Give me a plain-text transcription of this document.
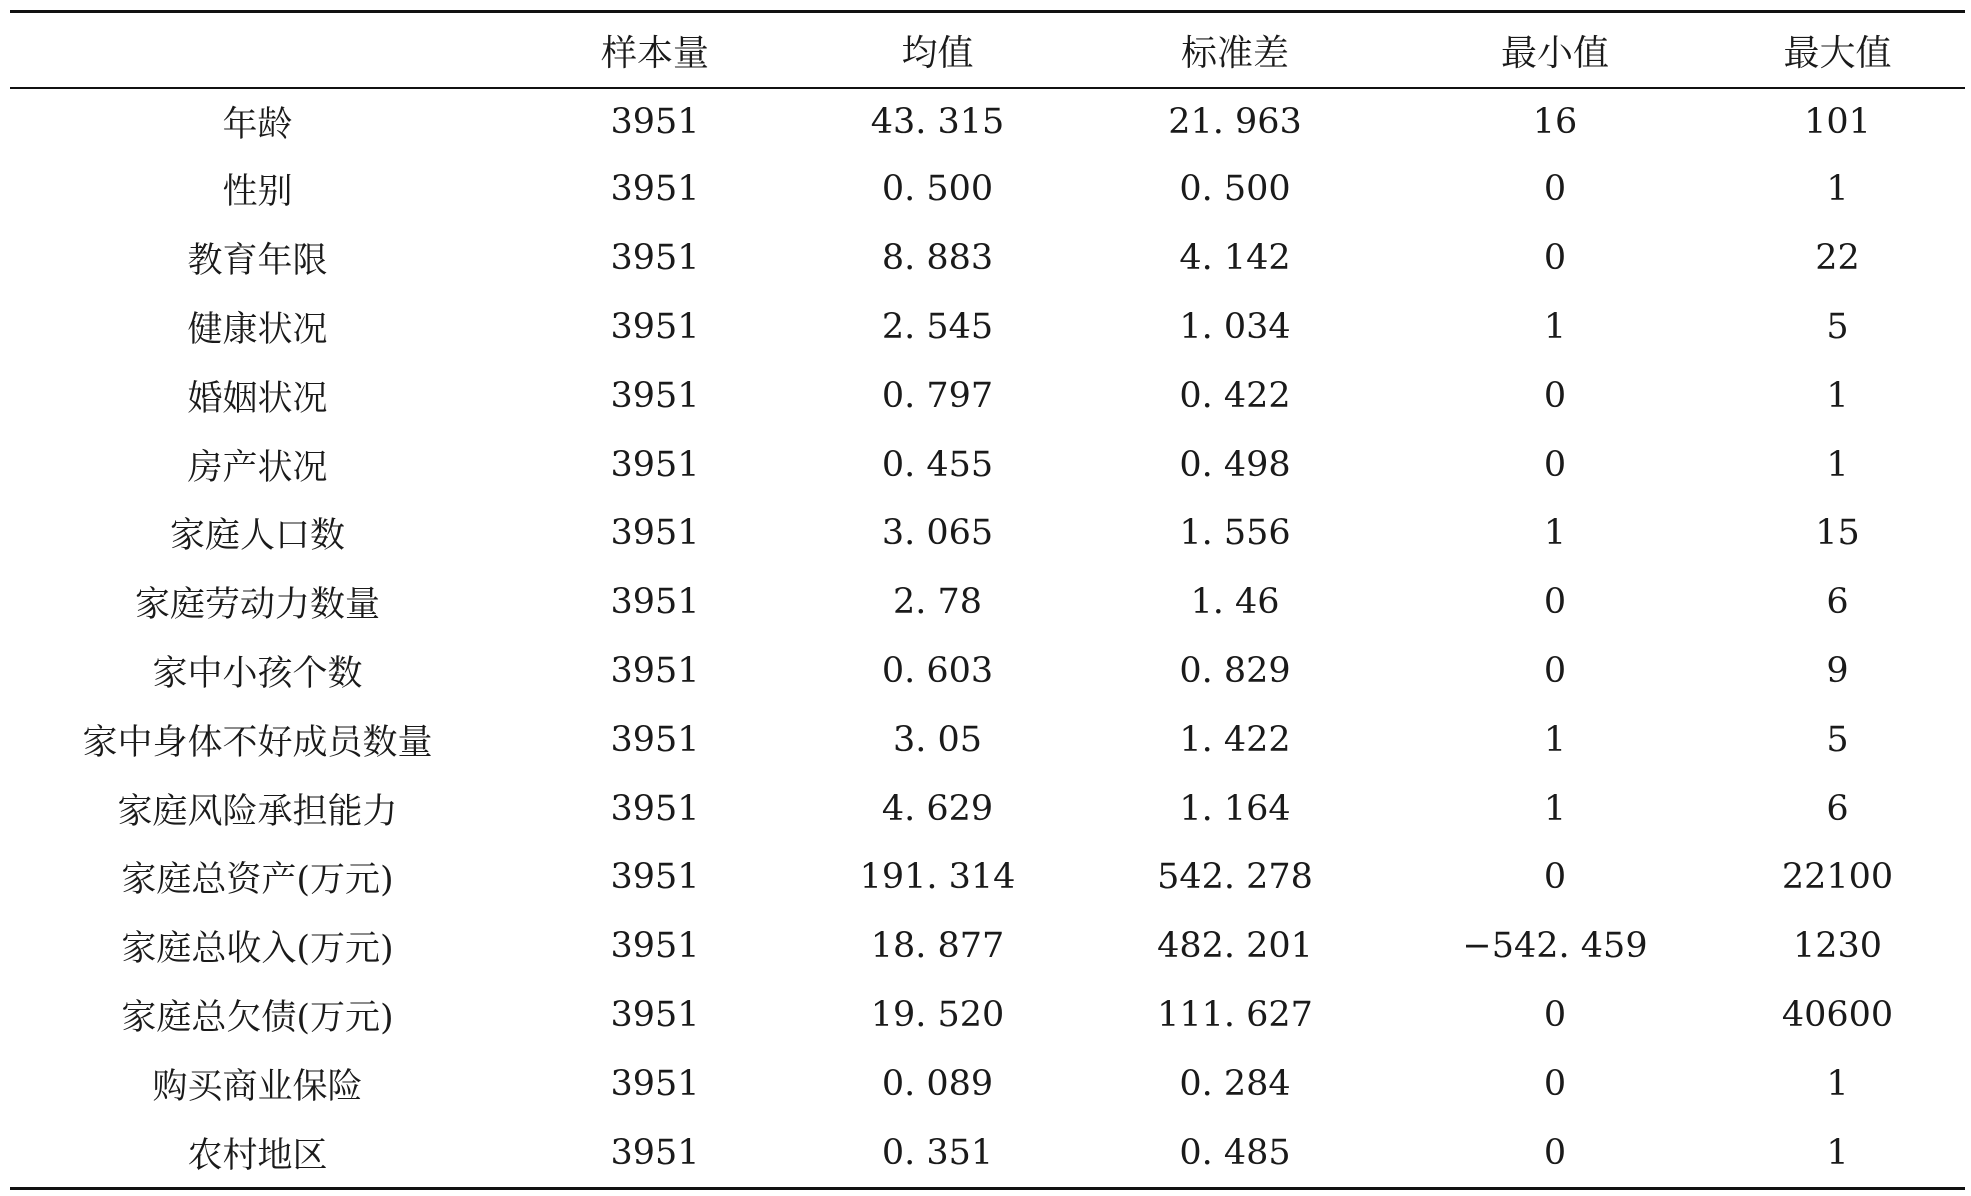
	样本量	均值	标准差	最小值	最大值
年龄	3951	43. 315	21. 963	16	101
性别	3951	0. 500	0. 500	0	1
教育年限	3951	8. 883	4. 142	0	22
健康状况	3951	2. 545	1. 034	1	5
婚姻状况	3951	0. 797	0. 422	0	1
房产状况	3951	0. 455	0. 498	0	1
家庭人口数	3951	3. 065	1. 556	1	15
家庭劳动力数量	3951	2. 78	1. 46	0	6
家中小孩个数	3951	0. 603	0. 829	0	9
家中身体不好成员数量	3951	3. 05	1. 422	1	5
家庭风险承担能力	3951	4. 629	1. 164	1	6
家庭总资产(万元)	3951	191. 314	542. 278	0	22100
家庭总收入(万元)	3951	18. 877	482. 201	−542. 459	1230
家庭总欠债(万元)	3951	19. 520	111. 627	0	40600
购买商业保险	3951	0. 089	0. 284	0	1
农村地区	3951	0. 351	0. 485	0	1
